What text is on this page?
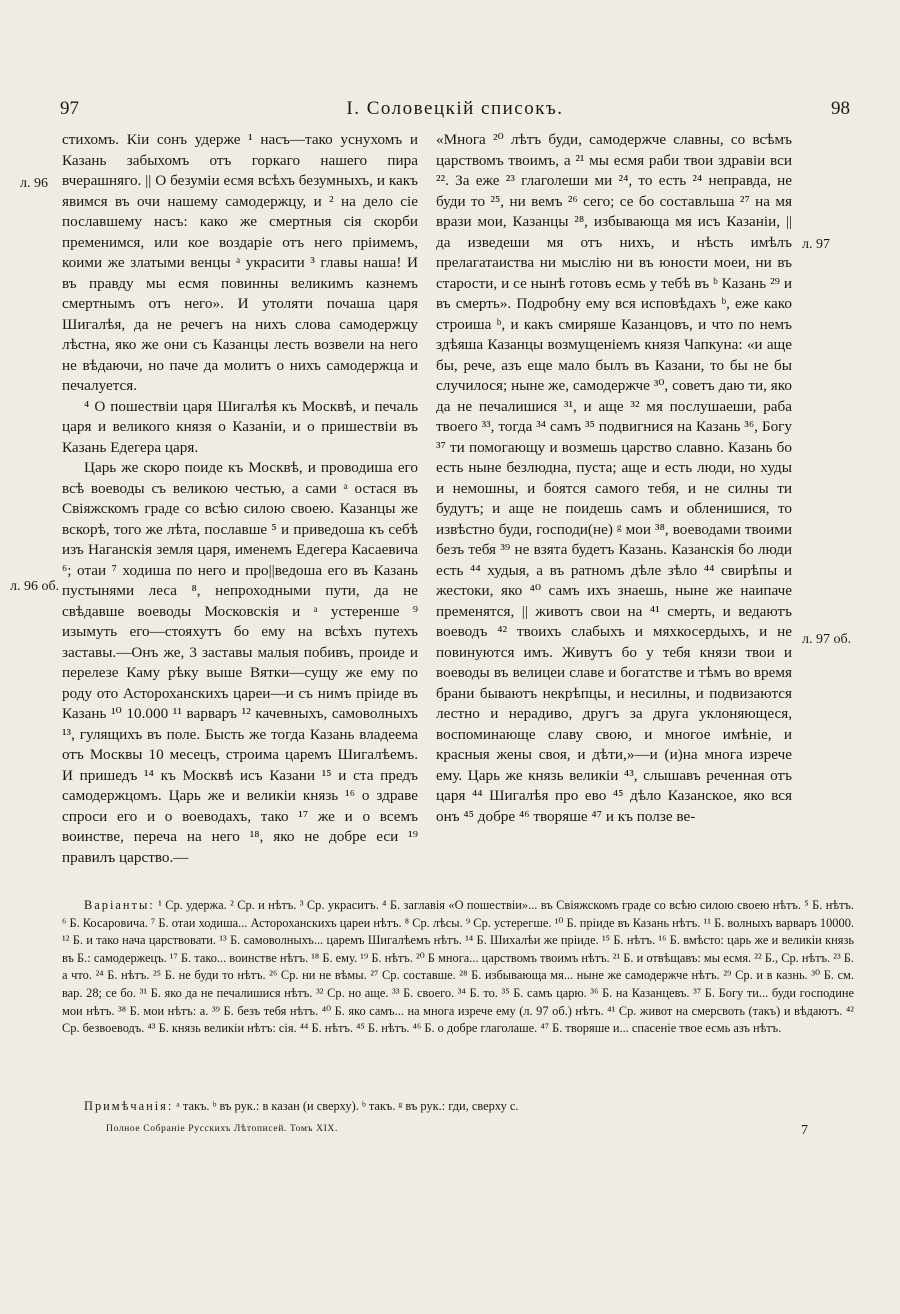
97	I. Соловецкій списокъ.	98
л. 96
л. 96 об.
л. 97
л. 97 об.

стихомъ. Кіи сонъ удерже ¹ насъ—тако уснухомъ и Казань забыхомъ отъ горкаго нашего пира вчерашняго. || О безуміи есмя всѣхъ безумныхъ, и какъ явимся въ очи нашему самодержцу, и ² на дело сіе пославшему насъ: како же смертныя сія скорби пременимся, или кое воздаріе отъ него пріимемъ, коими же златыми венцы ᵃ украсити ³ главы наша! И въ правду мы есмя повинны великимъ казнемъ смертнымъ отъ него». И утоляти почаша царя Шигалѣя, да не речегъ на нихъ слова самодержцу лѣстна, яко же они съ Казанцы лесть возвели на него не вѣдаючи, но паче да молитъ о нихъ самодержца и печалуется.

⁴ О пошествіи царя Шигалѣя къ Москвѣ, и печаль царя и великого князя о Казаніи, и о пришествіи въ Казань Едегера царя.

Царь же скоро поиде къ Москвѣ, и проводиша его всѣ воеводы съ великою честью, а сами ᵃ остася въ Свіяжскомъ граде со всѣю силою своею. Казанцы же вскорѣ, того же лѣта, пославше ⁵ и приведоша къ себѣ изъ Наганскія земля царя, именемъ Едегера Касаевича ⁶; отаи ⁷ ходиша по него и про||ведоша его въ Казань пустынями леса ⁸, непроходными пути, да не свѣдавше воеводы Московскія и ᵃ устеренше ⁹ изымуть его—стояхутъ бо ему на всѣхъ путехъ заставы.—Онъ же, 3 заставы малыя побивъ, проиде и перелезе Каму рѣку выше Вятки—сущу же ему по роду ото Астороханскихъ цареи—и съ нимъ пріиде въ Казань ¹⁰ 10.000 ¹¹ варваръ ¹² качевныхъ, самоволныхъ ¹³, гулящихъ въ поле. Бысть же тогда Казань владеема отъ Москвы 10 месецъ, строима царемъ Шигалѣемъ. И пришедъ ¹⁴ къ Москвѣ исъ Казани ¹⁵ и ста предъ самодержцомъ. Царь же и великіи князь ¹⁶ о здраве спроси его и о воеводахъ, тако ¹⁷ же и о всемъ воинстве, переча на него ¹⁸, яко не добре еси ¹⁹ правилъ царство.—

«Многа ²⁰ лѣтъ буди, самодержче славны, со всѣмъ царствомъ твоимъ, а ²¹ мы есмя раби твои здравіи вси ²². За еже ²³ глаголеши ми ²⁴, то есть ²⁴ неправда, не буди то ²⁵, ни вемъ ²⁶ сего; се бо составльша ²⁷ на мя врази мои, Казанцы ²⁸, избывающа мя исъ Казаніи, || да изведеши мя отъ нихъ, и нѣсть имѣлъ прелагатаиства ни мыслію ни въ юности моеи, ни въ старости, и се нынѣ готовъ есмь у тебѣ въ ᵇ Казань ²⁹ и въ смерть». Подробну ему вся исповѣдахъ ᵇ, еже како строиша ᵇ, и какъ смиряше Казанцовъ, и что по немъ здѣяша Казанцы возмущеніемъ князя Чапкуна: «и аще бы, рече, азъ еще мало былъ въ Казани, то бы не бы случилося; ныне же, самодержче ³⁰, советъ даю ти, яко да не печалишися ³¹, и аще ³² мя послушаеши, раба твоего ³³, тогда ³⁴ самъ ³⁵ подвигнися на Казань ³⁶, Богу ³⁷ ти помогающу и возмешь царство славно. Казань бо есть ныне безлюдна, пуста; аще и есть люди, но худы и немошны, и боятся самого тебя, и не силны ти будутъ; и аще не поидешь самъ и обленишися, то извѣстно буди, господи(не) ᵍ мои ³⁸, воеводами твоими безъ тебя ³⁹ не взята будетъ Казань. Казанскія бо люди есть ⁴⁴ худыя, а въ ратномъ дѣле зѣло ⁴⁴ свирѣпы и жестоки, яко ⁴⁰ самъ ихъ знаешь, ныне же наипаче пременятся, || животъ свои на ⁴¹ смерть, и ведаютъ воеводъ ⁴² твоихъ слабыхъ и мяхкосердыхъ, и не повинуются имъ. Живутъ бо у тебя князи твои и воеводы въ велицеи славе и богатстве и тѣмъ во время брани бываютъ некрѣпцы, и несилны, и подвизаются лестно и нерадиво, другъ за друга уклоняющеся, воспоминающе славу свою, и многое имѣніе, и красныя жены своя, и дѣти,»—и (и)на многа изрече ему. Царь же князь великіи ⁴³, слышавъ реченная отъ царя ⁴⁴ Шигалѣя про ево ⁴⁵ дѣло Казанское, яко вся онъ ⁴⁵ добре ⁴⁶ творяше ⁴⁷ и къ ползе ве-

Варіанты: ¹ Ср. удержа. ² Ср. и нѣтъ. ³ Ср. украситъ. ⁴ Б. заглавія «О пошествіи»... въ Свіяжскомъ граде со всѣю силою своею нѣтъ. ⁵ Б. нѣтъ. ⁶ Б. Косаровича. ⁷ Б. отаи ходиша... Астороханскихъ цареи нѣтъ. ⁸ Ср. лѣсы. ⁹ Ср. устерегше. ¹⁰ Б. пріиде въ Казань нѣтъ. ¹¹ Б. волныхъ варваръ 10000. ¹² Б. и тако нача царствовати. ¹³ Б. самоволныхъ... царемъ Шигалѣемъ нѣтъ. ¹⁴ Б. Шихалѣи же пріиде. ¹⁵ Б. нѣтъ. ¹⁶ Б. вмѣсто: царь же и великіи князь въ Б.: самодержецъ. ¹⁷ Б. тако... воинстве нѣтъ. ¹⁸ Б. ему. ¹⁹ Б. нѣтъ. ²⁰ Б многа... царствомъ твоимъ нѣтъ. ²¹ Б. и отвѣщавъ: мы есмя. ²² Б., Ср. нѣтъ. ²³ Б. а что. ²⁴ Б. нѣтъ. ²⁵ Б. не буди то нѣтъ. ²⁶ Ср. ни не вѣмы. ²⁷ Ср. составше. ²⁸ Б. избывающа мя... ныне же самодержче нѣтъ. ²⁹ Ср. и в казнь. ³⁰ Б. см. вар. 28; се бо. ³¹ Б. яко да не печалишися нѣтъ. ³² Ср. но аще. ³³ Б. своего. ³⁴ Б. то. ³⁵ Б. самъ царю. ³⁶ Б. на Казанцевъ. ³⁷ Б. Богу ти... буди господине мои нѣтъ. ³⁸ Б. мои нѣтъ: а. ³⁹ Б. безъ тебя нѣтъ. ⁴⁰ Б. яко самъ... на многа изрече ему (л. 97 об.) нѣтъ. ⁴¹ Ср. живот на смерсвоть (такъ) и вѣдаютъ. ⁴² Ср. безвоеводъ. ⁴³ Б. князь великіи нѣтъ: сія. ⁴⁴ Б. нѣтъ. ⁴⁵ Б. нѣтъ. ⁴⁶ Б. о добре глаголаше. ⁴⁷ Б. творяше и... спасеніе твое есмь азъ нѣтъ.

Примѣчанія: ᵃ такъ. ᵇ въ рук.: в казан (и сверху). ᵇ такъ. ᵍ въ рук.: гди, сверху с.

Полное Собраніе Русскихъ Лѣтописей. Томъ XIX.	7
